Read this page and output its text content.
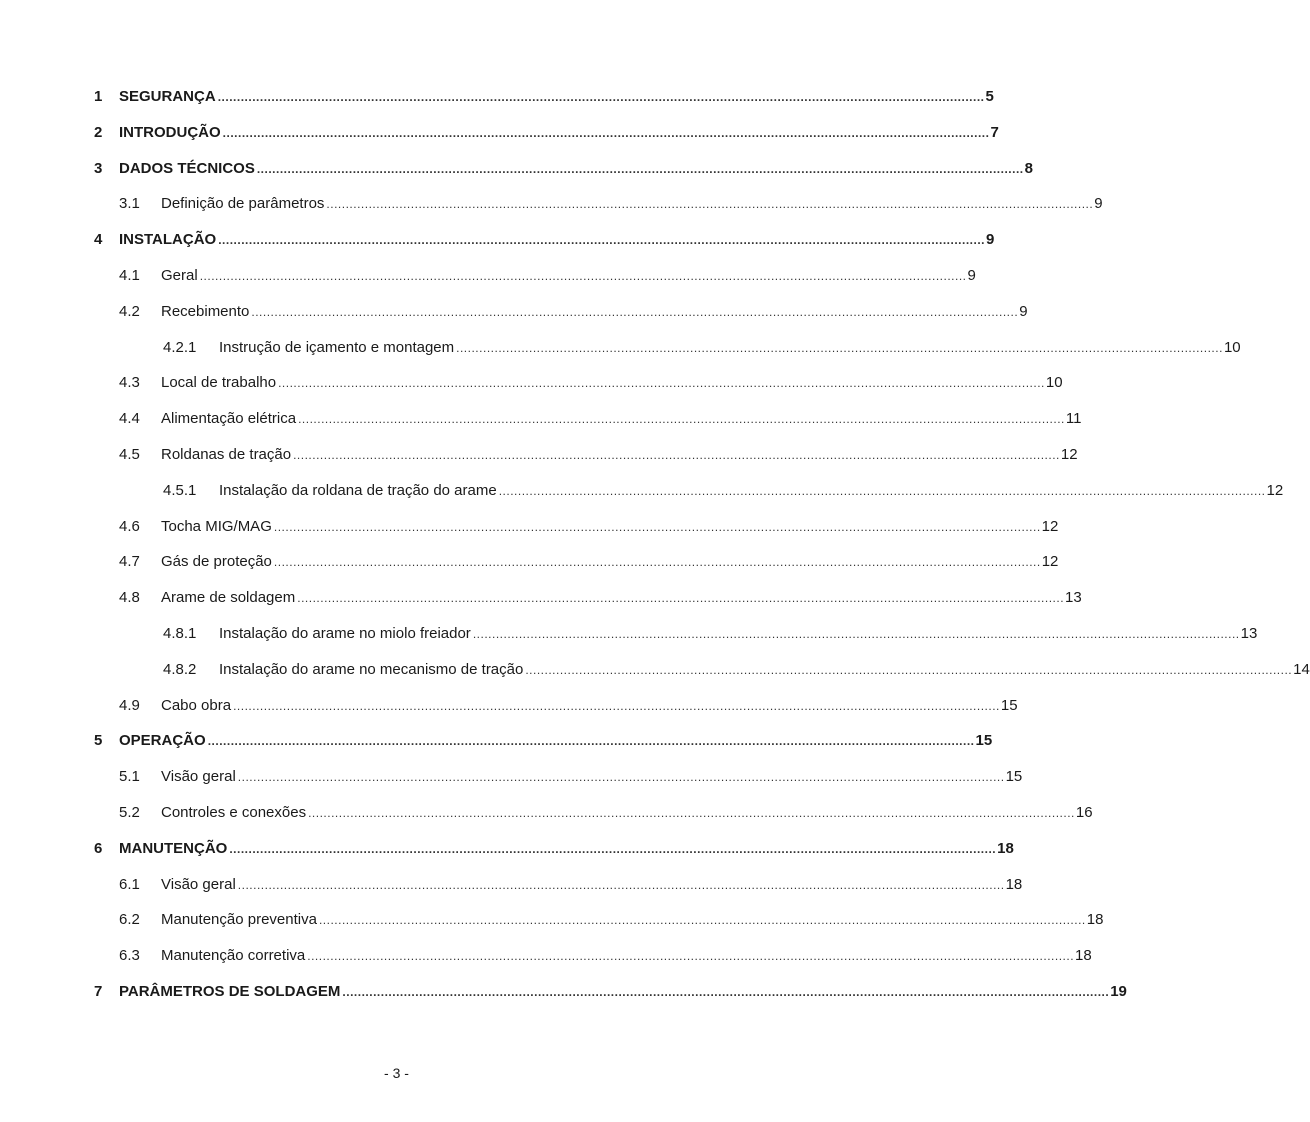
1 SEGURANÇA ........................................................................................................................................................................................................ 5
2 INTRODUÇÃO ........................................................................................................................................................................................................ 7
3 DADOS TÉCNICOS ........................................................................................................................................................................................................ 8
3.1 Definição de parâmetros ........................................................................................................................................................................................................ 9
4 INSTALAÇÃO ........................................................................................................................................................................................................ 9
4.1 Geral ........................................................................................................................................................................................................ 9
4.2 Recebimento ........................................................................................................................................................................................................ 9
4.2.1 Instrução de içamento e montagem ........................................................................................................................................................................................................ 10
4.3 Local de trabalho ........................................................................................................................................................................................................ 10
4.4 Alimentação elétrica ........................................................................................................................................................................................................ 11
4.5 Roldanas de tração ........................................................................................................................................................................................................ 12
4.5.1 Instalação da roldana de tração do arame ........................................................................................................................................................................................................ 12
4.6 Tocha MIG/MAG ........................................................................................................................................................................................................ 12
4.7 Gás de proteção ........................................................................................................................................................................................................ 12
4.8 Arame de soldagem ........................................................................................................................................................................................................ 13
4.8.1 Instalação do arame no miolo freiador ........................................................................................................................................................................................................ 13
4.8.2 Instalação do arame no mecanismo de tração ........................................................................................................................................................................................................ 14
4.9 Cabo obra ........................................................................................................................................................................................................ 15
5 OPERAÇÃO ........................................................................................................................................................................................................ 15
5.1 Visão geral ........................................................................................................................................................................................................ 15
5.2 Controles e conexões ........................................................................................................................................................................................................ 16
6 MANUTENÇÃO ........................................................................................................................................................................................................ 18
6.1 Visão geral ........................................................................................................................................................................................................ 18
6.2 Manutenção preventiva ........................................................................................................................................................................................................ 18
6.3 Manutenção corretiva ........................................................................................................................................................................................................ 18
7 PARÂMETROS DE SOLDAGEM ........................................................................................................................................................................................................ 19
- 3 -
